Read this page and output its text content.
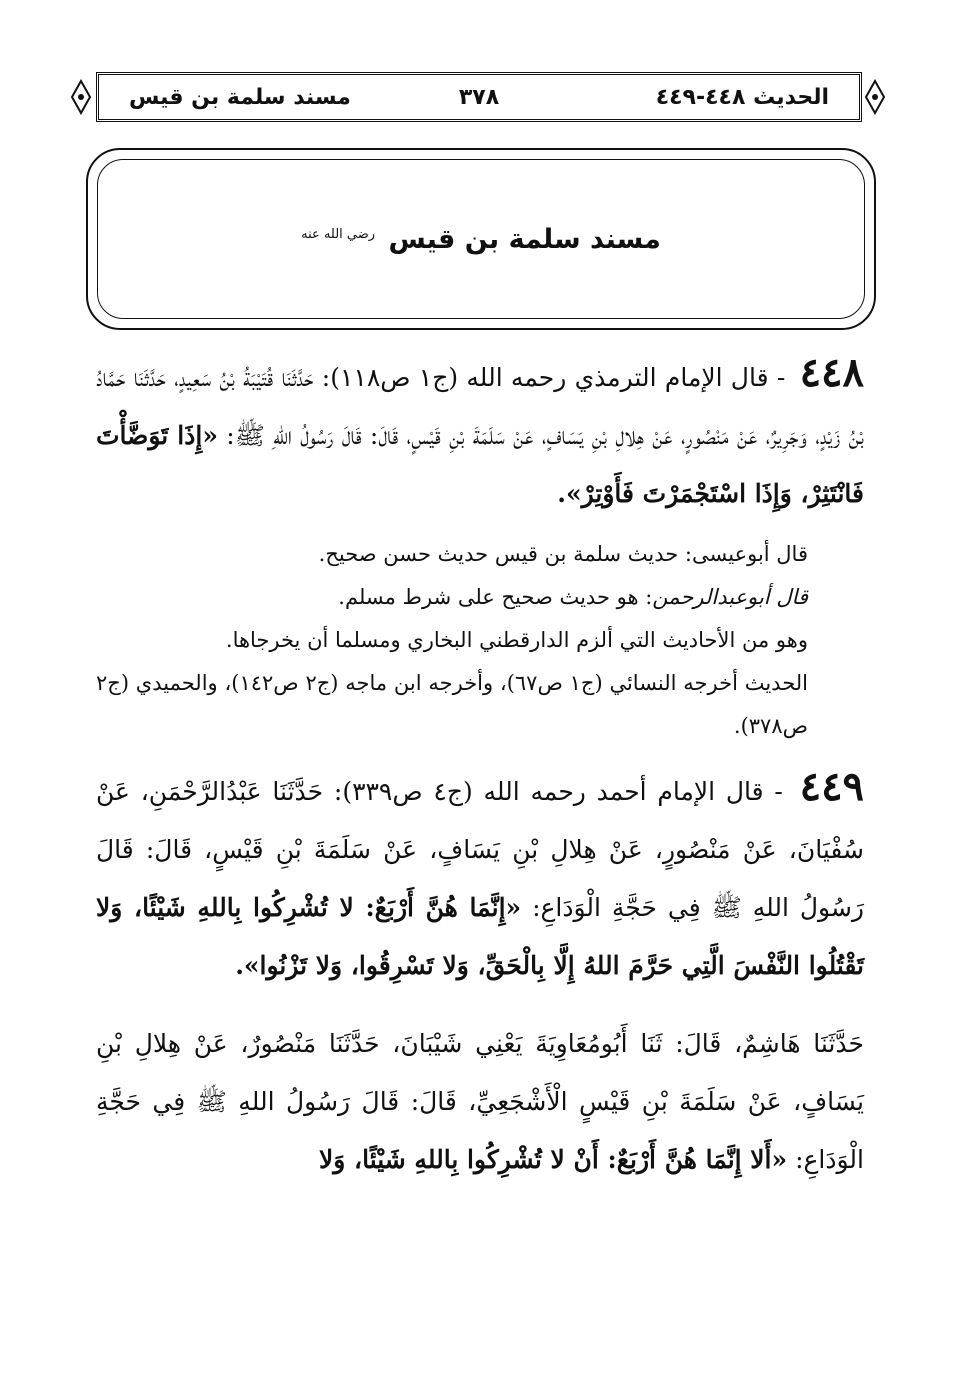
الحديث ٤٤٨-٤٤٩
٣٧٨
مسند سلمة بن قيس
مسند سلمة بن قيس $^{رضي الله عنه}$

٤٤٨ - قال الإمام الترمذي رحمه الله (ج١ ص١١٨): حَدَّثَنَا قُتَيْبَةُ بْنُ سَعِيدٍ، حَدَّثَنَا حَمَّادُ بْنُ زَيْدٍ، وَجَرِيرٌ، عَنْ مَنْصُورٍ، عَنْ هِلالِ بْنِ يَسَافٍ، عَنْ سَلَمَةَ بْنِ قَيْسٍ، قَالَ: قَالَ رَسُولُ اللهِ ﷺ: «إِذَا تَوَضَّأْتَ فَانْتَثِرْ، وَإِذَا اسْتَجْمَرْتَ فَأَوْتِرْ».

قال أبوعيسى: حديث سلمة بن قيس حديث حسن صحيح.

قال أبوعبدالرحمن: هو حديث صحيح على شرط مسلم.

وهو من الأحاديث التي ألزم الدارقطني البخاري ومسلما أن يخرجاها.

الحديث أخرجه النسائي (ج١ ص٦٧)، وأخرجه ابن ماجه (ج٢ ص١٤٢)، والحميدي (ج٢ ص٣٧٨).

٤٤٩ - قال الإمام أحمد رحمه الله (ج٤ ص٣٣٩): حَدَّثَنَا عَبْدُالرَّحْمَنِ، عَنْ سُفْيَانَ، عَنْ مَنْصُورٍ، عَنْ هِلالِ بْنِ يَسَافٍ، عَنْ سَلَمَةَ بْنِ قَيْسٍ، قَالَ: قَالَ رَسُولُ اللهِ ﷺ فِي حَجَّةِ الْوَدَاعِ: «إِنَّمَا هُنَّ أَرْبَعٌ: لا تُشْرِكُوا بِاللهِ شَيْئًا، وَلا تَقْتُلُوا النَّفْسَ الَّتِي حَرَّمَ اللهُ إِلَّا بِالْحَقِّ، وَلا تَسْرِقُوا، وَلا تَزْنُوا».

حَدَّثَنَا هَاشِمٌ، قَالَ: ثَنَا أَبُومُعَاوِيَةَ يَعْنِي شَيْبَانَ، حَدَّثَنَا مَنْصُورٌ، عَنْ هِلالِ بْنِ يَسَافٍ، عَنْ سَلَمَةَ بْنِ قَيْسٍ الْأَشْجَعِيِّ، قَالَ: قَالَ رَسُولُ اللهِ ﷺ فِي حَجَّةِ الْوَدَاعِ: «أَلا إِنَّمَا هُنَّ أَرْبَعٌ: أَنْ لا تُشْرِكُوا بِاللهِ شَيْئًا، وَلا
